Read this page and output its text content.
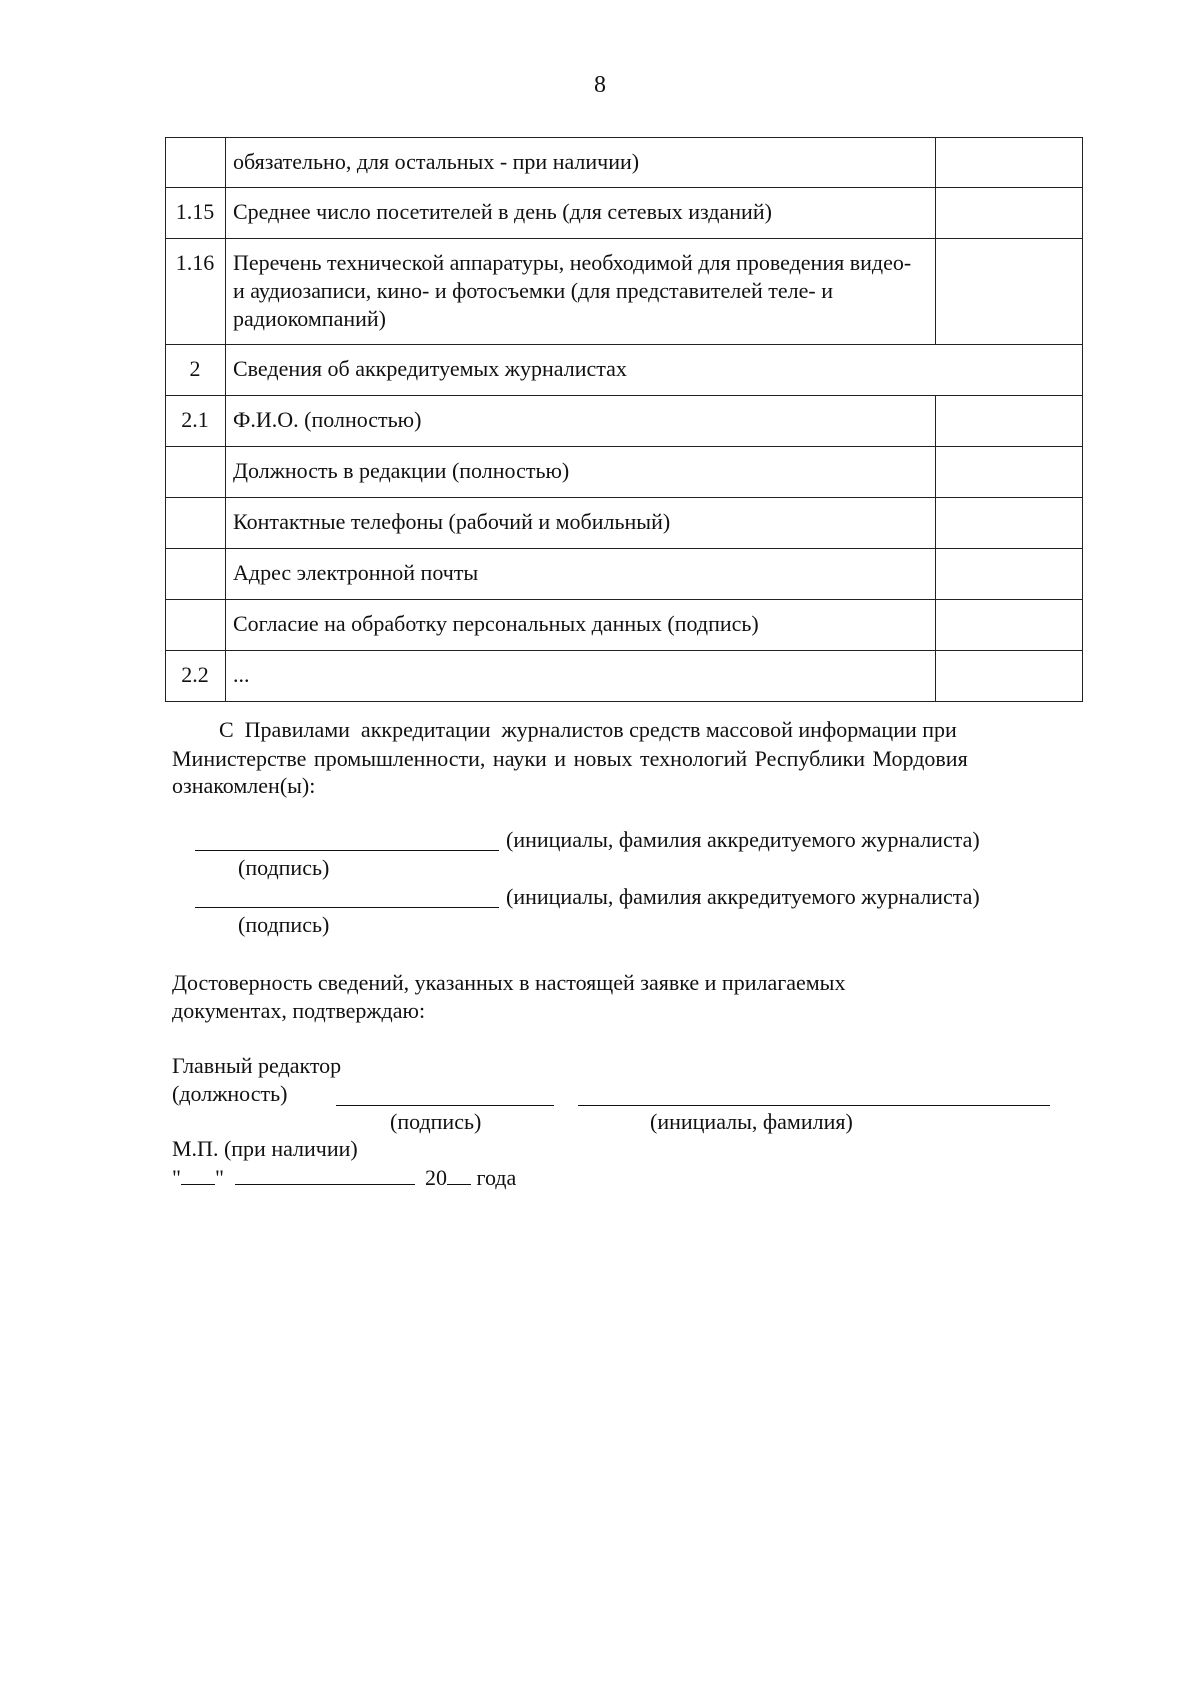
8
	обязательно, для остальных - при наличии)	
1.15	Среднее число посетителей в день (для сетевых изданий)	
1.16	Перечень технической аппаратуры, необходимой для проведения видео- и аудиозаписи, кино- и фотосъемки (для представителей теле- и радиокомпаний)	
2	Сведения об аккредитуемых журналистах	
2.1	Ф.И.О. (полностью)	
	Должность в редакции (полностью)	
	Контактные телефоны (рабочий и мобильный)	
	Адрес электронной почты	
	Согласие на обработку персональных данных (подпись)	
2.2	...	
С  Правилами  аккредитации  журналистов средств массовой информации при
Министерстве промышленности, науки и новых технологий Республики Мордовия
ознакомлен(ы):
(инициалы, фамилия аккредитуемого журналиста)
(подпись)
(инициалы, фамилия аккредитуемого журналиста)
(подпись)
Достоверность сведений, указанных в настоящей заявке и прилагаемых
документах, подтверждаю:
Главный редактор
(должность)
(подпись)	(инициалы, фамилия)
М.П. (при наличии)
" "	20 года
